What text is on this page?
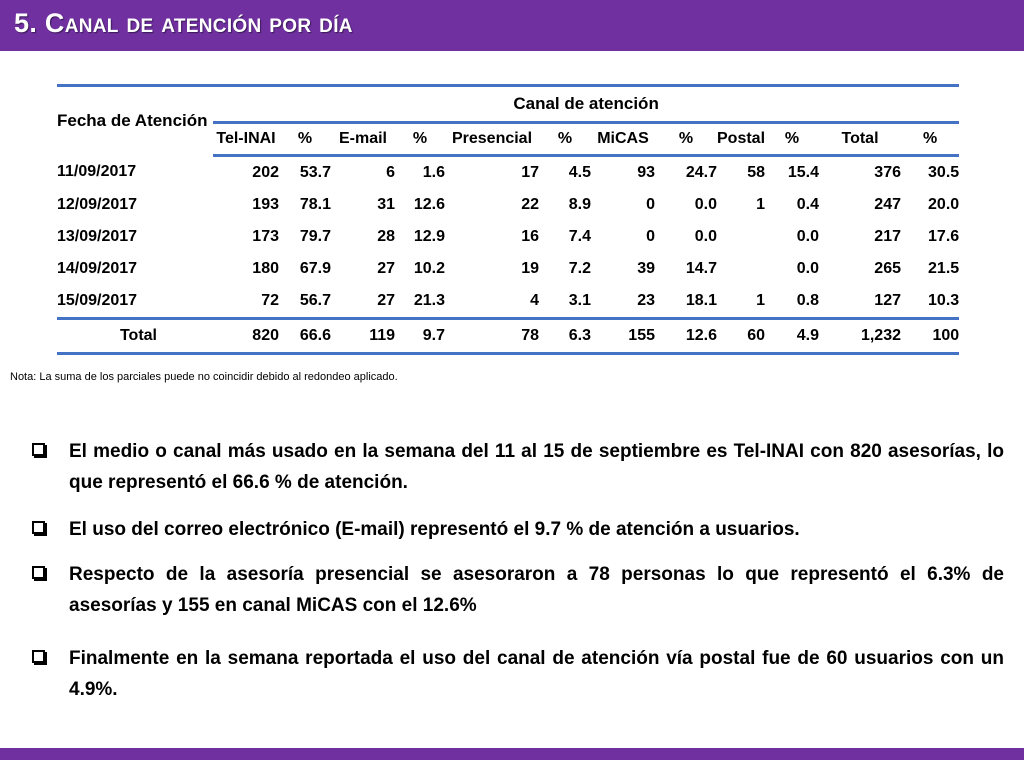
5. Canal de atención por día
Fecha de Atención	Canal de atención											
	Tel-INAI	%	E-mail	%	Presencial	%	MiCAS	%	Postal	%	Total	%
11/09/2017	202	53.7	6	1.6	17	4.5	93	24.7	58	15.4	376	30.5
12/09/2017	193	78.1	31	12.6	22	8.9	0	0.0	1	0.4	247	20.0
13/09/2017	173	79.7	28	12.9	16	7.4	0	0.0		0.0	217	17.6
14/09/2017	180	67.9	27	10.2	19	7.2	39	14.7		0.0	265	21.5
15/09/2017	72	56.7	27	21.3	4	3.1	23	18.1	1	0.8	127	10.3
Total	820	66.6	119	9.7	78	6.3	155	12.6	60	4.9	1,232	100
Nota: La suma de los parciales puede no coincidir debido al redondeo aplicado.
El medio o canal más usado en la semana del 11 al 15 de septiembre es Tel-INAI con 820 asesorías, lo que representó el 66.6 % de atención.
El uso del correo electrónico (E-mail) representó el 9.7 % de atención a usuarios.
Respecto de la asesoría presencial se asesoraron a 78 personas lo que representó el 6.3% de asesorías y 155 en canal MiCAS con el 12.6%
Finalmente en la semana reportada el uso del canal de atención vía postal fue de 60 usuarios con un 4.9%.
